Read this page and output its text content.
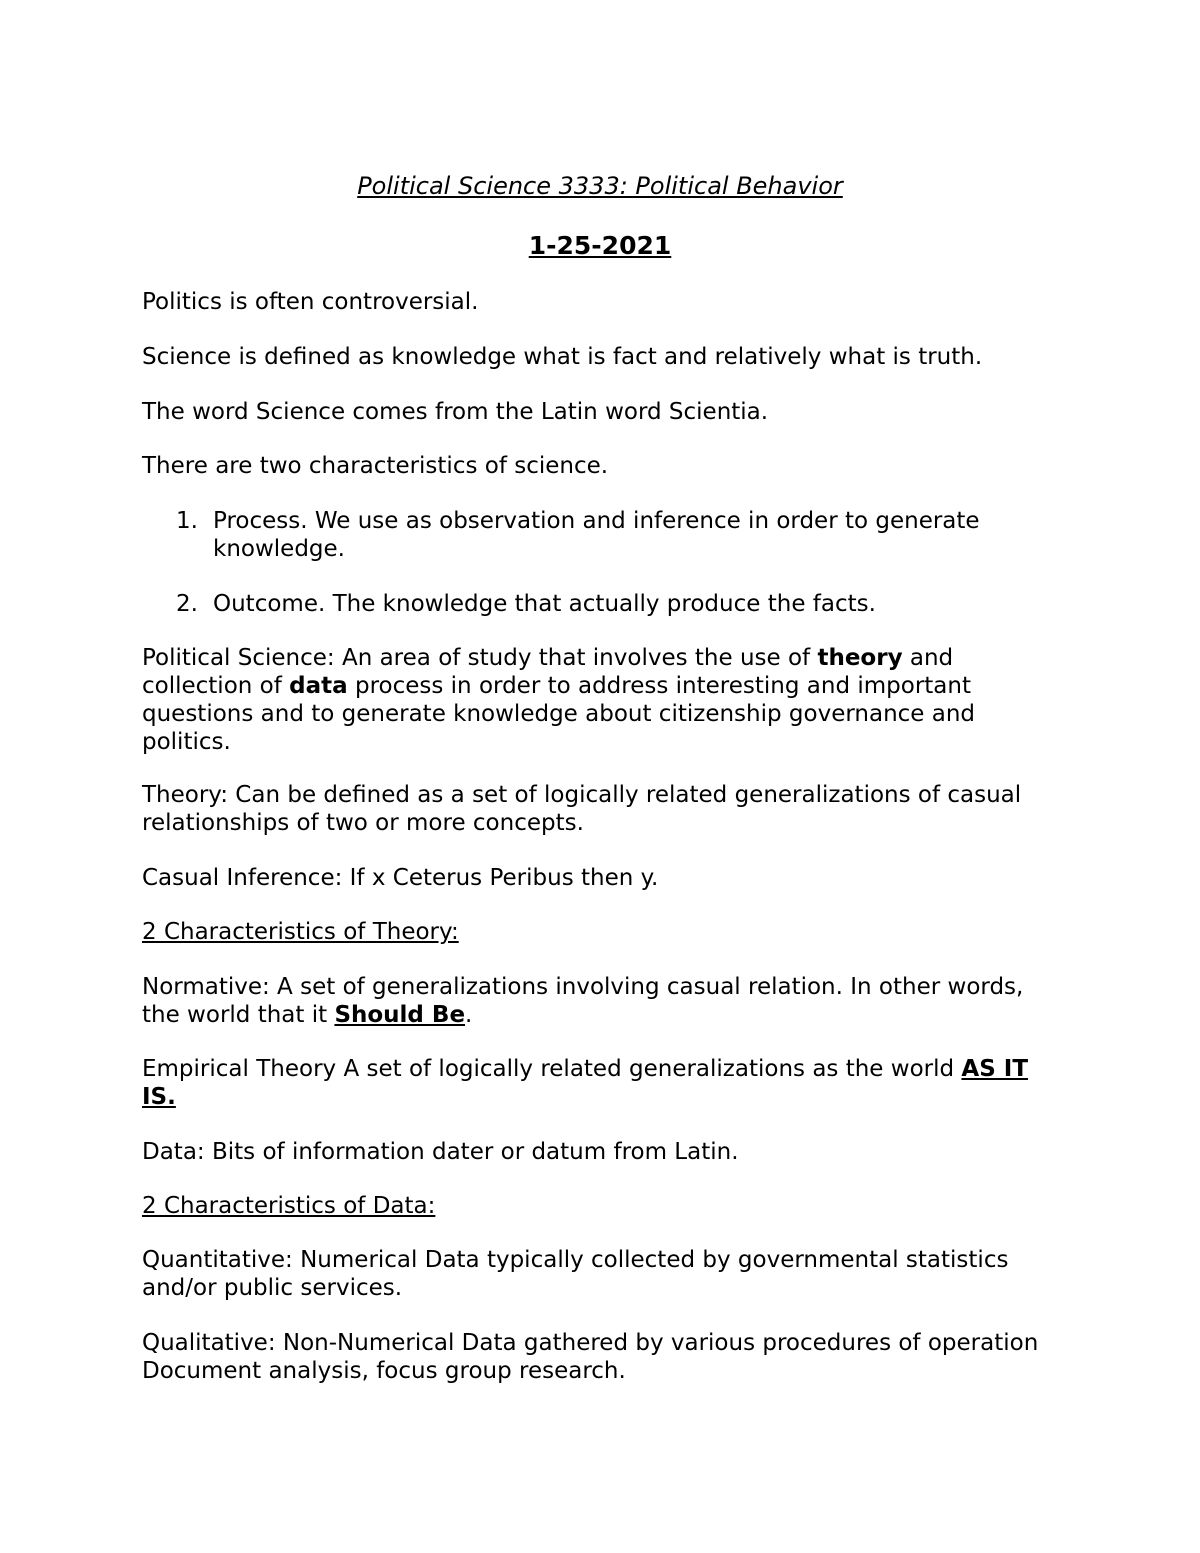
Political Science 3333: Political Behavior
1-25-2021
Politics is often controversial.
Science is defined as knowledge what is fact and relatively what is truth.
The word Science comes from the Latin word Scientia.
There are two characteristics of science.
1. Process. We use as observation and inference in order to generate
knowledge.
2. Outcome. The knowledge that actually produce the facts.
Political Science: An area of study that involves the use of theory and
collection of data process in order to address interesting and important
questions and to generate knowledge about citizenship governance and
politics.
Theory: Can be defined as a set of logically related generalizations of casual
relationships of two or more concepts.
Casual Inference: If x Ceterus Peribus then y.
2 Characteristics of Theory:
Normative: A set of generalizations involving casual relation. In other words,
the world that it Should Be.
Empirical Theory A set of logically related generalizations as the world AS IT
IS.
Data: Bits of information dater or datum from Latin.
2 Characteristics of Data:
Quantitative: Numerical Data typically collected by governmental statistics
and/or public services.
Qualitative: Non-Numerical Data gathered by various procedures of operation
Document analysis, focus group research.
